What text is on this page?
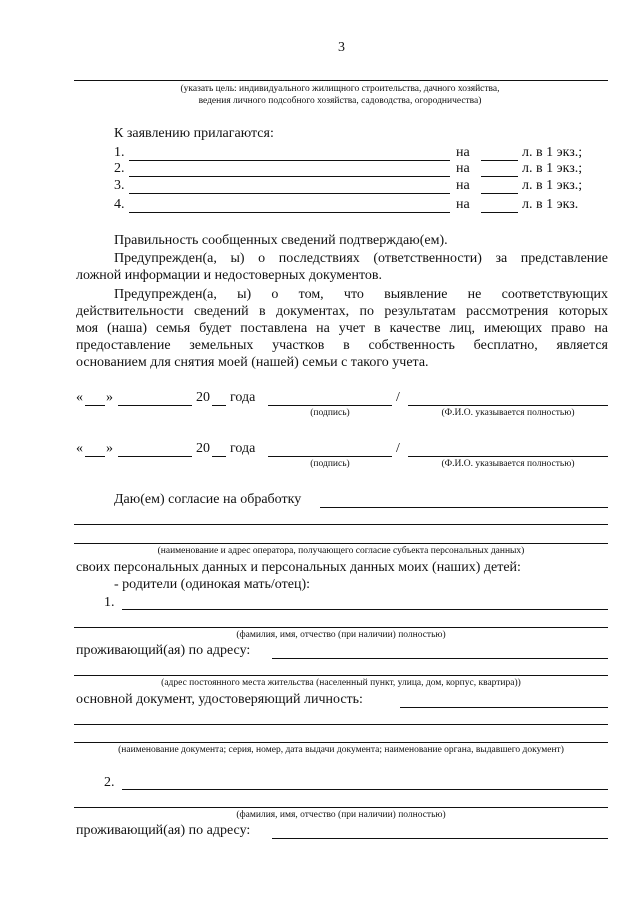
3
(указать цель: индивидуального жилищного строительства, дачного хозяйства,
ведения личного подсобного хозяйства, садоводства, огородничества)
К заявлению прилагаются:
1.	на	л. в 1 экз.;
2.	на	л. в 1 экз.;
3.	на	л. в 1 экз.;
4.	на	л. в 1 экз.
Правильность сообщенных сведений подтверждаю(ем).
Предупрежден(а, ы) о последствиях (ответственности) за представление
ложной информации и недостоверных документов.
Предупрежден(а, ы) о том, что выявление не соответствующих
действительности сведений в документах, по результатам рассмотрения которых
моя (наша) семья будет поставлена на учет в качестве лиц, имеющих право на
предоставление земельных участков в собственность бесплатно, является
основанием для снятия моей (нашей) семьи с такого учета.
« »	20 года	/
(подпись)	(Ф.И.О. указывается полностью)
« »	20 года	/
(подпись)	(Ф.И.О. указывается полностью)
Даю(ем) согласие на обработку
(наименование и адрес оператора, получающего согласие субъекта персональных данных)
своих персональных данных и персональных данных моих (наших) детей:
- родители (одинокая мать/отец):
1.
(фамилия, имя, отчество (при наличии) полностью)
проживающий(ая) по адресу:
(адрес постоянного места жительства (населенный пункт, улица, дом, корпус, квартира))
основной документ, удостоверяющий личность:
(наименование документа; серия, номер, дата выдачи документа; наименование органа, выдавшего документ)
2.
(фамилия, имя, отчество (при наличии) полностью)
проживающий(ая) по адресу:
